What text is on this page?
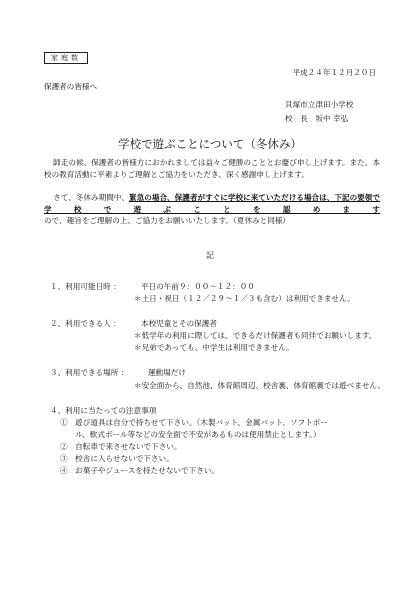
家庭数
平成２４年１２月２０日
保護者の皆様へ
貝塚市立津田小学校
校　長　坂中 幸弘
学校で遊ぶことについて（冬休み）
師走の候、保護者の皆様方におかれましては益々ご健勝のこととお慶び申し上げます。また、本校の教育活動に平素よりご理解とご協力をいただき、深く感謝申し上げます。
さて、冬休み期間中、緊急の場合、保護者がすぐに学校に来ていただける場合は、下記の要領で学校で遊ぶことを認めますので、趣旨をご理解の上、ご協力をお願いいたします。（夏休みと同様）
記
１、利用可能日時 ：	平日の午前９：００～１２：００
＊土日・祝日（１２／２９～１／３も含む）は利用できません。
２、利用できる人 ：	本校児童とその保護者
＊低学年の利用に際しては、できるだけ保護者も同伴でお願いします。
＊兄弟であっても、中学生は利用できません。
３、利用できる場所 ：	運動場だけ
＊安全面から、自然池、体育館周辺、校舎裏、体育館裏では遊べません。
４、利用に当たっての注意事項
①　遊び道具は自分で持ちせて下さい。（木製バット、金属バット、ソフトボー
　　ル、軟式ボール等などの安全面で不安があるものは使用禁止とします。）
②　自転車で来させないで下さい。
③　校舎に入らせないで下さい。
④　お菓子やジュースを持たせないで下さい。
